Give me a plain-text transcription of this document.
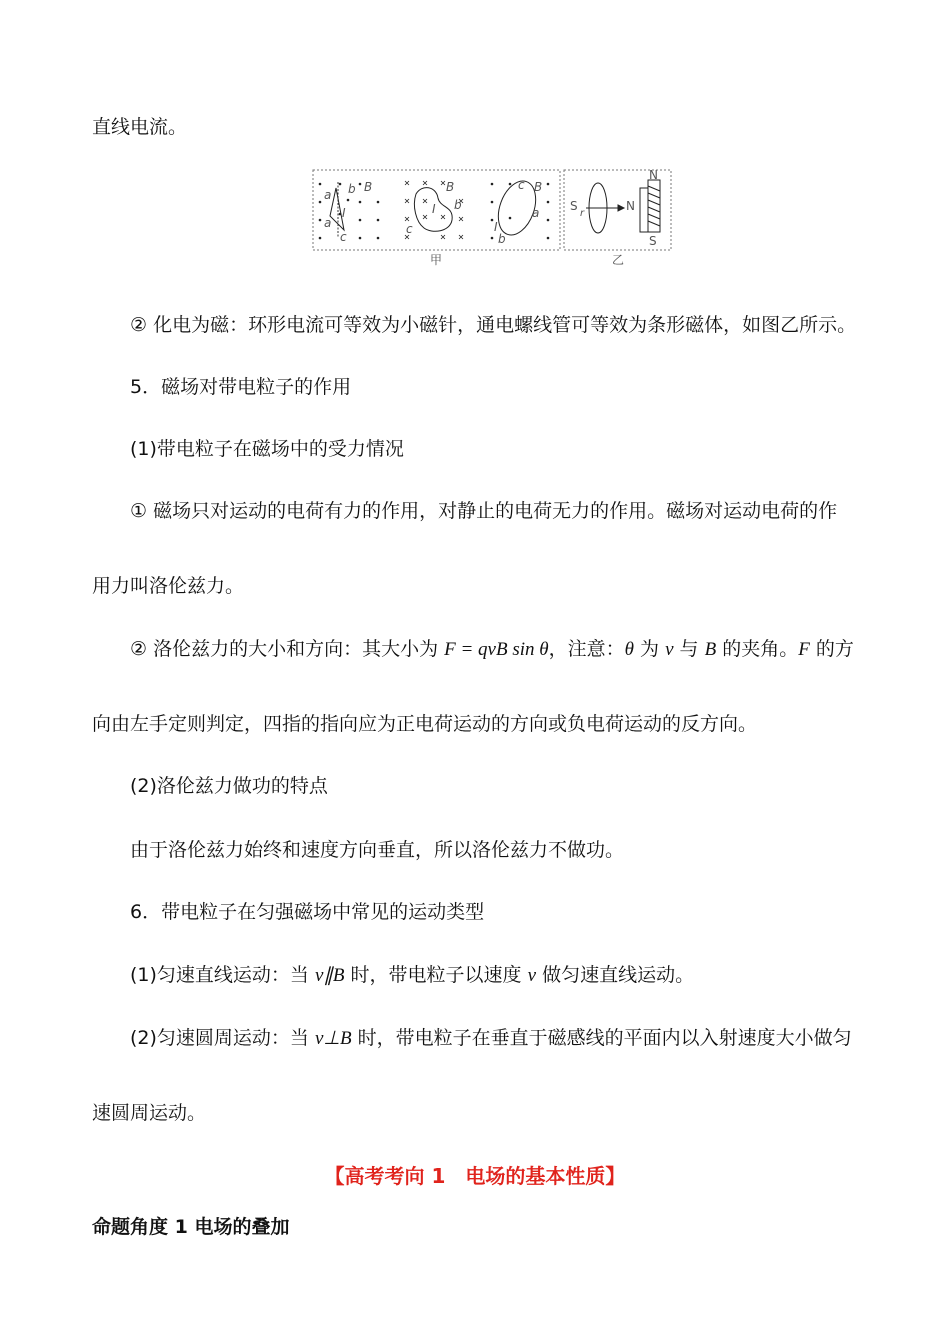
直线电流。
B
a b
I
a
c
B
I b
c
B
c
a
I
b
S
r
N
N
S
甲	乙
② 化电为磁：环形电流可等效为小磁针，通电螺线管可等效为条形磁体，如图乙所示。
5．磁场对带电粒子的作用
(1)带电粒子在磁场中的受力情况
① 磁场只对运动的电荷有力的作用，对静止的电荷无力的作用。磁场对运动电荷的作
用力叫洛伦兹力。
② 洛伦兹力的大小和方向：其大小为 F = qvB sin θ，注意：θ 为 v 与 B 的夹角。F 的方
向由左手定则判定，四指的指向应为正电荷运动的方向或负电荷运动的反方向。
(2)洛伦兹力做功的特点
由于洛伦兹力始终和速度方向垂直，所以洛伦兹力不做功。
6．带电粒子在匀强磁场中常见的运动类型
(1)匀速直线运动：当 v∥B 时，带电粒子以速度 v 做匀速直线运动。
(2)匀速圆周运动：当 v⊥B 时，带电粒子在垂直于磁感线的平面内以入射速度大小做匀
速圆周运动。
【高考考向 1　电场的基本性质】
命题角度 1 电场的叠加
